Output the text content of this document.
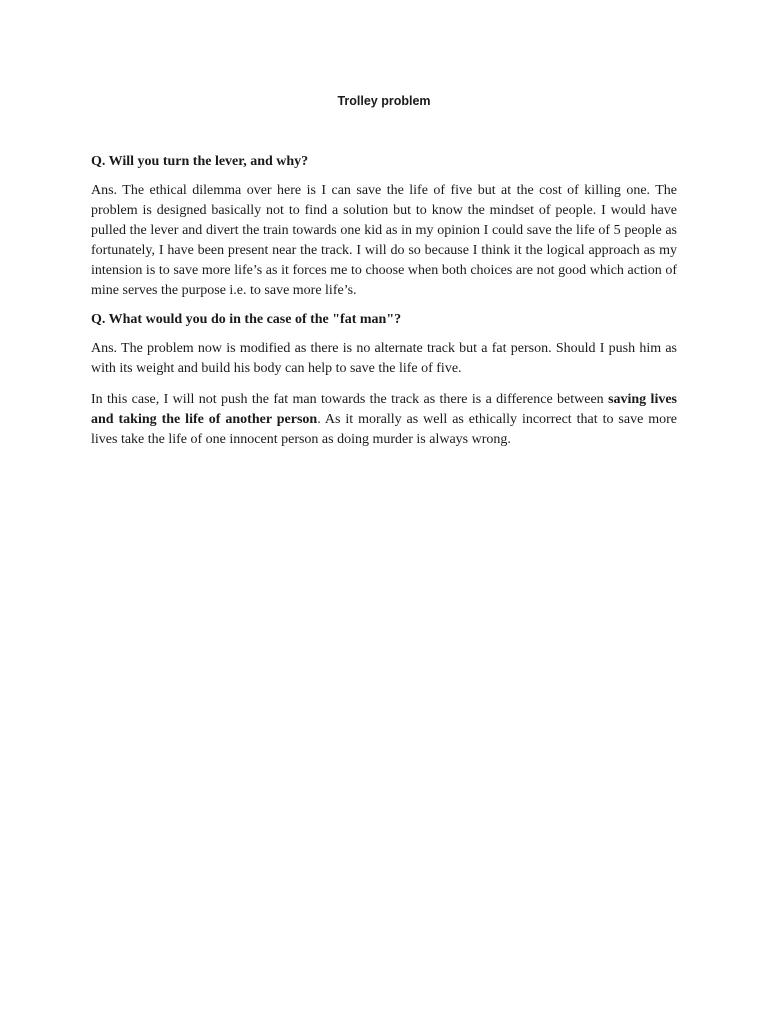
Trolley problem

Q. Will you turn the lever, and why?

Ans. The ethical dilemma over here is I can save the life of five but at the cost of killing one. The problem is designed basically not to find a solution but to know the mindset of people. I would have pulled the lever and divert the train towards one kid as in my opinion I could save the life of 5 people as fortunately, I have been present near the track. I will do so because I think it the logical approach as my intension is to save more life’s as it forces me to choose when both choices are not good which action of mine serves the purpose i.e. to save more life’s.

Q. What would you do in the case of the "fat man"?

Ans. The problem now is modified as there is no alternate track but a fat person. Should I push him as with its weight and build his body can help to save the life of five.

In this case, I will not push the fat man towards the track as there is a difference between saving lives and taking the life of another person. As it morally as well as ethically incorrect that to save more lives take the life of one innocent person as doing murder is always wrong.
